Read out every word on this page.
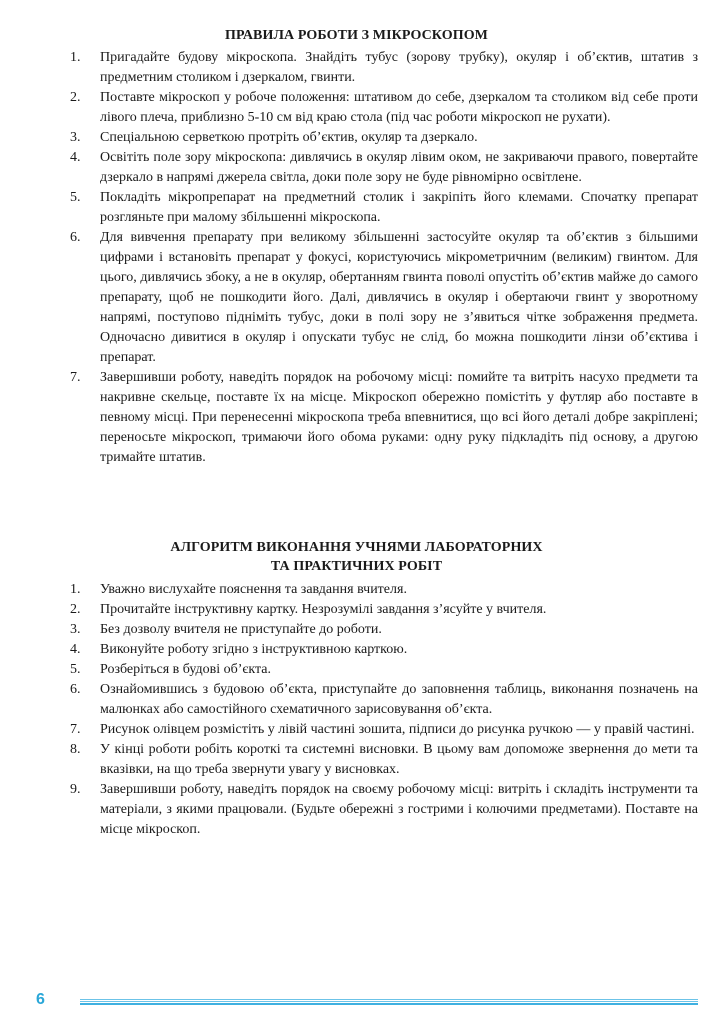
ПРАВИЛА РОБОТИ З МІКРОСКОПОМ
1.	Пригадайте будову мікроскопа. Знайдіть тубус (зорову трубку), окуляр і об’єктив, штатив з предметним столиком і дзеркалом, гвинти.
2.	Поставте мікроскоп у робоче положення: штативом до себе, дзеркалом та столиком від себе проти лівого плеча, приблизно 5-10 см від краю стола (під час роботи мікроскоп не рухати).
3.	Спеціальною серветкою протріть об’єктив, окуляр та дзеркало.
4.	Освітіть поле зору мікроскопа: дивлячись в окуляр лівим оком, не закриваючи правого, повертайте дзеркало в напрямі джерела світла, доки поле зору не буде рівномірно освітлене.
5.	Покладіть мікропрепарат на предметний столик і закріпіть його клемами. Спочатку препарат розгляньте при малому збільшенні мікроскопа.
6.	Для вивчення препарату при великому збільшенні застосуйте окуляр та об’єктив з більшими цифрами і встановіть препарат у фокусі, користуючись мікрометричним (великим) гвинтом. Для цього, дивлячись збоку, а не в окуляр, обертанням гвинта поволі опустіть об’єктив майже до самого препарату, щоб не пошкодити його. Далі, дивлячись в окуляр і обертаючи гвинт у зворотному напрямі, поступово підніміть тубус, доки в полі зору не з’явиться чітке зображення предмета. Одночасно дивитися в окуляр і опускати тубус не слід, бо можна пошкодити лінзи об’єктива і препарат.
7.	Завершивши роботу, наведіть порядок на робочому місці: помийте та витріть насухо предмети та накривне скельце, поставте їх на місце. Мікроскоп обережно помістіть у футляр або поставте в певному місці. При перенесенні мікроскопа треба впевнитися, що всі його деталі добре закріплені; переносьте мікроскоп, тримаючи його обома руками: одну руку підкладіть під основу, а другою тримайте штатив.
АЛГОРИТМ ВИКОНАННЯ УЧНЯМИ ЛАБОРАТОРНИХ
ТА ПРАКТИЧНИХ РОБІТ
1.	Уважно вислухайте пояснення та завдання вчителя.
2.	Прочитайте інструктивну картку. Незрозумілі завдання з’ясуйте у вчителя.
3.	Без дозволу вчителя не приступайте до роботи.
4.	Виконуйте роботу згідно з інструктивною карткою.
5.	Розберіться в будові об’єкта.
6.	Ознайомившись з будовою об’єкта, приступайте до заповнення таблиць, виконання позначень на малюнках або самостійного схематичного зарисовування об’єкта.
7.	Рисунок олівцем розмістіть у лівій частині зошита, підписи до рисунка ручкою — у правій частині.
8.	У кінці роботи робіть короткі та системні висновки. В цьому вам допоможе звернення до мети та вказівки, на що треба звернути увагу у висновках.
9.	Завершивши роботу, наведіть порядок на своєму робочому місці: витріть і складіть інструменти та матеріали, з якими працювали. (Будьте обережні з гострими і колючими предметами). Поставте на місце мікроскоп.
6
